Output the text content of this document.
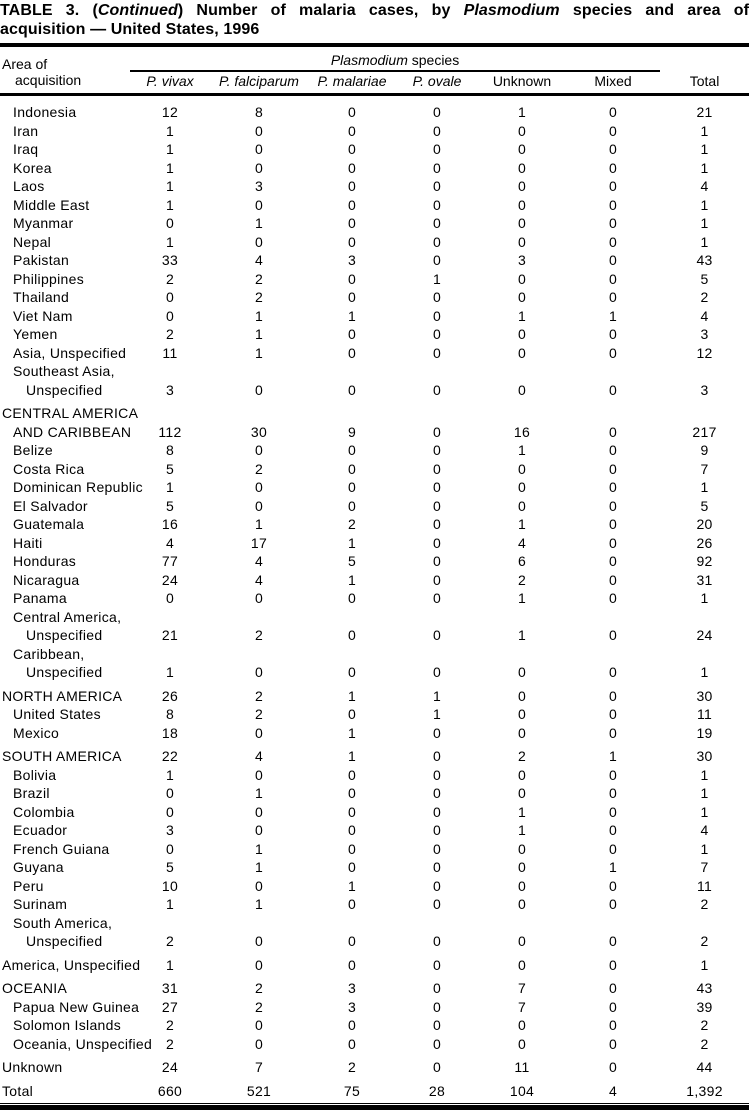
TABLE 3. (Continued) Number of malaria cases, by Plasmodium species and area of
acquisition — United States, 1996
Area of
acquisition	Plasmodium species						
	P. vivax	P. falciparum	P. malariae	P. ovale	Unknown	Mixed	Total
Indonesia	12	8	0	0	1	0	21
Iran	1	0	0	0	0	0	1
Iraq	1	0	0	0	0	0	1
Korea	1	0	0	0	0	0	1
Laos	1	3	0	0	0	0	4
Middle East	1	0	0	0	0	0	1
Myanmar	0	1	0	0	0	0	1
Nepal	1	0	0	0	0	0	1
Pakistan	33	4	3	0	3	0	43
Philippines	2	2	0	1	0	0	5
Thailand	0	2	0	0	0	0	2
Viet Nam	0	1	1	0	1	1	4
Yemen	2	1	0	0	0	0	3
Asia, Unspecified	11	1	0	0	0	0	12
Southeast Asia,							
Unspecified	3	0	0	0	0	0	3
CENTRAL AMERICA							
AND CARIBBEAN	112	30	9	0	16	0	217
Belize	8	0	0	0	1	0	9
Costa Rica	5	2	0	0	0	0	7
Dominican Republic	1	0	0	0	0	0	1
El Salvador	5	0	0	0	0	0	5
Guatemala	16	1	2	0	1	0	20
Haiti	4	17	1	0	4	0	26
Honduras	77	4	5	0	6	0	92
Nicaragua	24	4	1	0	2	0	31
Panama	0	0	0	0	1	0	1
Central America,							
Unspecified	21	2	0	0	1	0	24
Caribbean,							
Unspecified	1	0	0	0	0	0	1
NORTH AMERICA	26	2	1	1	0	0	30
United States	8	2	0	1	0	0	11
Mexico	18	0	1	0	0	0	19
SOUTH AMERICA	22	4	1	0	2	1	30
Bolivia	1	0	0	0	0	0	1
Brazil	0	1	0	0	0	0	1
Colombia	0	0	0	0	1	0	1
Ecuador	3	0	0	0	1	0	4
French Guiana	0	1	0	0	0	0	1
Guyana	5	1	0	0	0	1	7
Peru	10	0	1	0	0	0	11
Surinam	1	1	0	0	0	0	2
South America,							
Unspecified	2	0	0	0	0	0	2
America, Unspecified	1	0	0	0	0	0	1
OCEANIA	31	2	3	0	7	0	43
Papua New Guinea	27	2	3	0	7	0	39
Solomon Islands	2	0	0	0	0	0	2
Oceania, Unspecified	2	0	0	0	0	0	2
Unknown	24	7	2	0	11	0	44
Total	660	521	75	28	104	4	1,392
